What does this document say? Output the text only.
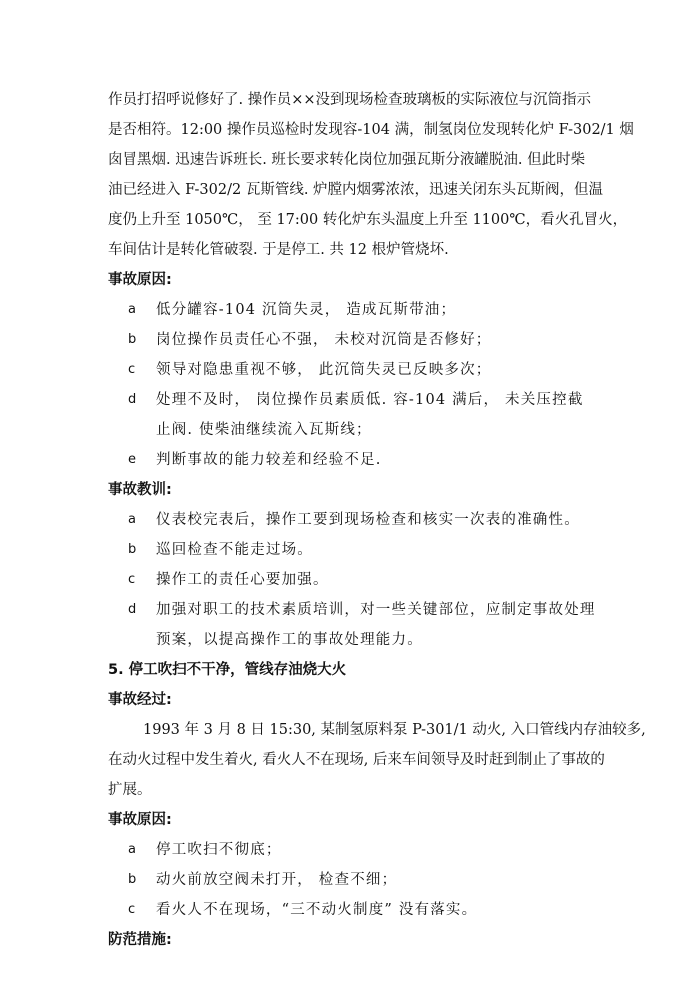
作员打招呼说修好了. 操作员××没到现场检查玻璃板的实际液位与沉筒指示
是否相符。12:00 操作员巡检时发现容-104 满，制氢岗位发现转化炉 F-302/1 烟
囱冒黑烟. 迅速告诉班长. 班长要求转化岗位加强瓦斯分液罐脱油. 但此时柴
油已经进入 F-302/2 瓦斯管线. 炉膛内烟雾浓浓，迅速关闭东头瓦斯阀，但温
度仍上升至 1050℃， 至 17:00 转化炉东头温度上升至 1100℃，看火孔冒火，
车间估计是转化管破裂. 于是停工. 共 12 根炉管烧坏.
事故原因:
a 低分罐容-104 沉筒失灵， 造成瓦斯带油；
b 岗位操作员责任心不强， 未校对沉筒是否修好；
c 领导对隐患重视不够， 此沉筒失灵已反映多次；
d 处理不及时， 岗位操作员素质低. 容-104 满后， 未关压控截止阀. 使柴油继续流入瓦斯线；
e 判断事故的能力较差和经验不足.
事故教训:
a 仪表校完表后，操作工要到现场检查和核实一次表的准确性。
b 巡回检查不能走过场。
c 操作工的责任心要加强。
d 加强对职工的技术素质培训，对一些关键部位，应制定事故处理预案，以提高操作工的事故处理能力。
5. 停工吹扫不干净，管线存油烧大火
事故经过:
1993 年 3 月 8 日 15:30, 某制氢原料泵 P-301/1 动火, 入口管线内存油较多,
在动火过程中发生着火, 看火人不在现场, 后来车间领导及时赶到制止了事故的
扩展。
事故原因:
a 停工吹扫不彻底；
b 动火前放空阀未打开， 检查不细；
c 看火人不在现场，“三不动火制度” 没有落实。
防范措施:
